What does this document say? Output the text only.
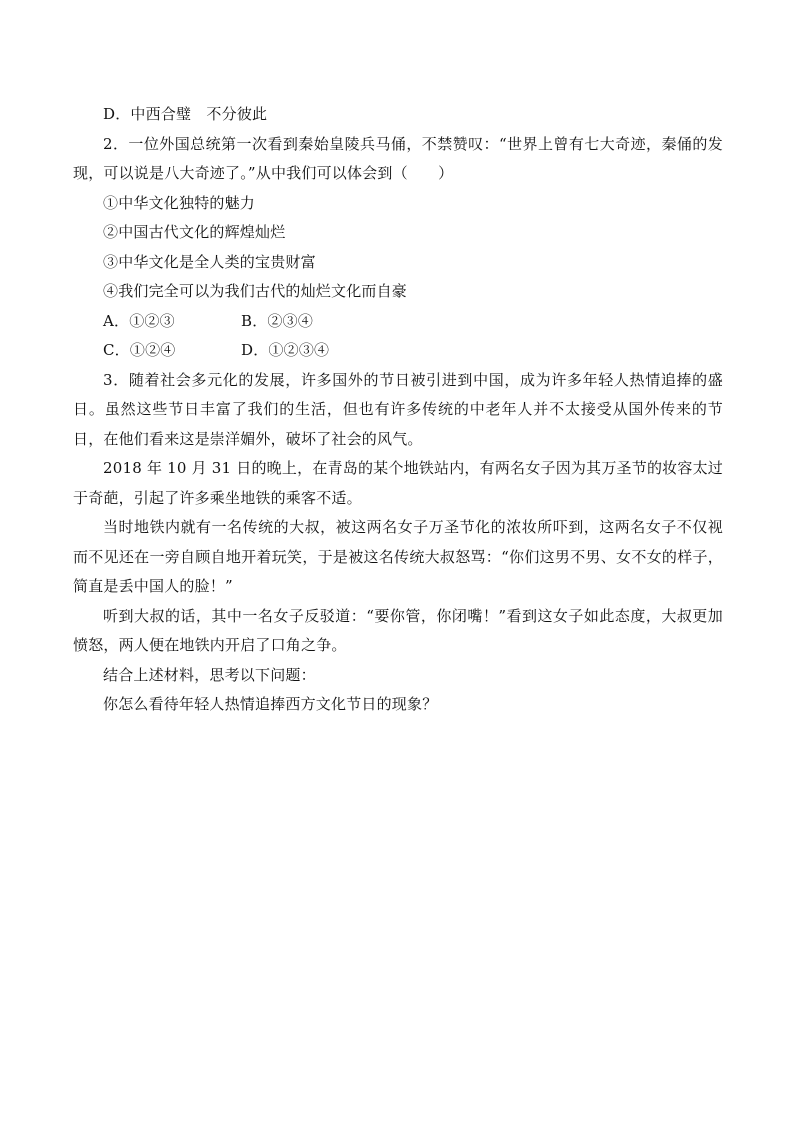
D．中西合璧　不分彼此

2．一位外国总统第一次看到秦始皇陵兵马俑，不禁赞叹：“世界上曾有七大奇迹，秦俑的发现，可以说是八大奇迹了。”从中我们可以体会到（　　）

①中华文化独特的魅力

②中国古代文化的辉煌灿烂

③中华文化是全人类的宝贵财富

④我们完全可以为我们古代的灿烂文化而自豪

A．①②③	B．②③④

C．①②④	D．①②③④

3．随着社会多元化的发展，许多国外的节日被引进到中国，成为许多年轻人热情追捧的盛日。虽然这些节日丰富了我们的生活，但也有许多传统的中老年人并不太接受从国外传来的节日，在他们看来这是崇洋媚外，破坏了社会的风气。

2018 年 10 月 31 日的晚上，在青岛的某个地铁站内，有两名女子因为其万圣节的妆容太过于奇葩，引起了许多乘坐地铁的乘客不适。

当时地铁内就有一名传统的大叔，被这两名女子万圣节化的浓妆所吓到，这两名女子不仅视而不见还在一旁自顾自地开着玩笑，于是被这名传统大叔怒骂：“你们这男不男、女不女的样子，简直是丢中国人的脸！”

听到大叔的话，其中一名女子反驳道：“要你管，你闭嘴！”看到这女子如此态度，大叔更加愤怒，两人便在地铁内开启了口角之争。

结合上述材料，思考以下问题：

你怎么看待年轻人热情追捧西方文化节日的现象？
